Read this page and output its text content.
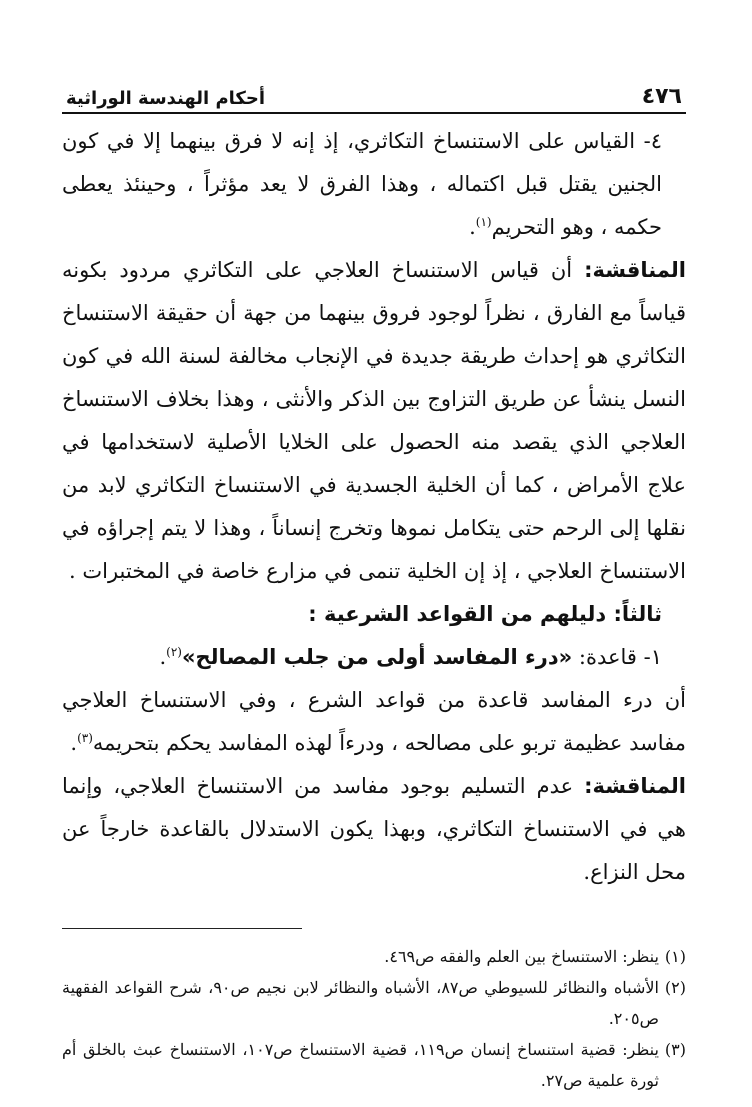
٤٧٦
أحكام الهندسة الوراثية

٤- القياس على الاستنساخ التكاثري، إذ إنه لا فرق بينهما إلا في كون الجنين يقتل قبل اكتماله ، وهذا الفرق لا يعد مؤثراً ، وحينئذ يعطى حكمه ، وهو التحريم$^{(١)}$.

المناقشة: أن قياس الاستنساخ العلاجي على التكاثري مردود بكونه قياساً مع الفارق ، نظراً لوجود فروق بينهما من جهة أن حقيقة الاستنساخ التكاثري هو إحداث طريقة جديدة في الإنجاب مخالفة لسنة الله في كون النسل ينشأ عن طريق التزاوج بين الذكر والأنثى ، وهذا بخلاف الاستنساخ العلاجي الذي يقصد منه الحصول على الخلايا الأصلية لاستخدامها في علاج الأمراض ، كما أن الخلية الجسدية في الاستنساخ التكاثري لابد من نقلها إلى الرحم حتى يتكامل نموها وتخرج إنساناً ، وهذا لا يتم إجراؤه في الاستنساخ العلاجي ، إذ إن الخلية تنمى في مزارع خاصة في المختبرات .

ثالثاً: دليلهم من القواعد الشرعية :

١- قاعدة: «درء المفاسد أولى من جلب المصالح»$^{(٢)}$.

أن درء المفاسد قاعدة من قواعد الشرع ، وفي الاستنساخ العلاجي مفاسد عظيمة تربو على مصالحه ، ودرءاً لهذه المفاسد يحكم بتحريمه$^{(٣)}$.

المناقشة: عدم التسليم بوجود مفاسد من الاستنساخ العلاجي، وإنما هي في الاستنساخ التكاثري، وبهذا يكون الاستدلال بالقاعدة خارجاً عن محل النزاع.

(١)
ينظر: الاستنساخ بين العلم والفقه ص٤٦٩.

(٢)
الأشباه والنظائر للسيوطي ص٨٧، الأشباه والنظائر لابن نجيم ص٩٠، شرح القواعد الفقهية ص٢٠٥.

(٣)
ينظر: قضية استنساخ إنسان ص١١٩، قضية الاستنساخ ص١٠٧، الاستنساخ عبث بالخلق أم ثورة علمية ص٢٧.
